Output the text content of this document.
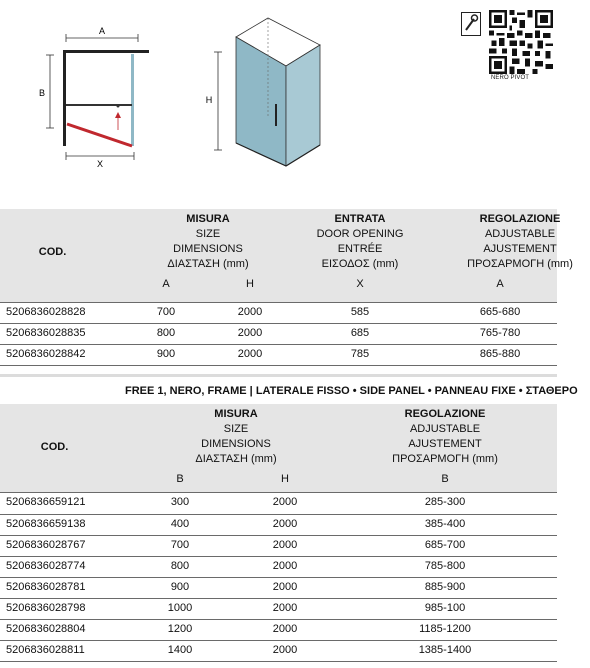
A
B
X
H
NERO PIVOT
COD.
MISURA
SIZE
DIMENSIONS
ΔΙΑΣΤΑΣΗ (mm)
ENTRATA
DOOR OPENING
ENTRÉE
ΕΙΣΟΔΟΣ (mm)
REGOLAZIONE
ADJUSTABLE
AJUSTEMENT
ΠΡΟΣΑΡΜΟΓΗ (mm)
A	H	X	A
5206836028828	700	2000	585	665-680
5206836028835	800	2000	685	765-780
5206836028842	900	2000	785	865-880
FREE 1, NERO, FRAME | LATERALE FISSO • SIDE PANEL • PANNEAU FIXE • ΣΤΑΘΕΡΟ
COD.
MISURA
SIZE
DIMENSIONS
ΔΙΑΣΤΑΣΗ (mm)
REGOLAZIONE
ADJUSTABLE
AJUSTEMENT
ΠΡΟΣΑΡΜΟΓΗ (mm)
B	H	B
5206836659121	300	2000	285-300
5206836659138	400	2000	385-400
5206836028767	700	2000	685-700
5206836028774	800	2000	785-800
5206836028781	900	2000	885-900
5206836028798	1000	2000	985-100
5206836028804	1200	2000	1185-1200
5206836028811	1400	2000	1385-1400
